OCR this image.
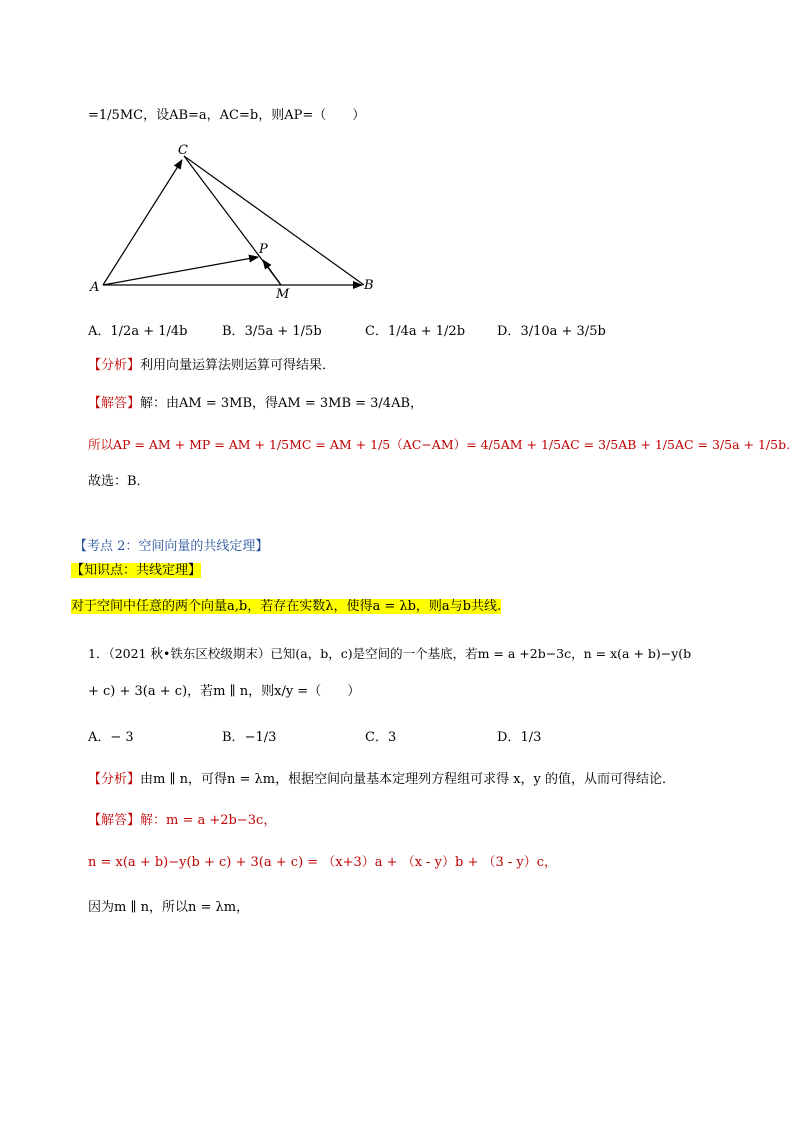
=1/5MC，设AB=a，AC=b，则AP=（　　）
C
P
A	M
B
A．1/2a + 1/4b	B．3/5a + 1/5b	C．1/4a + 1/2b D．3/10a + 3/5b
【分析】利用向量运算法则运算可得结果．
【解答】解：由AM = 3MB，得AM = 3MB = 3/4AB，
所以AP = AM + MP = AM + 1/5MC = AM + 1/5（AC−AM）= 4/5AM + 1/5AC = 3/5AB + 1/5AC = 3/5a + 1/5b.
故选：B．
【考点 2：空间向量的共线定理】
【知识点：共线定理】
对于空间中任意的两个向量a,b，若存在实数λ，使得a = λb，则a与b共线.
1．（2021 秋•铁东区校级期末）已知(a，b，c)是空间的一个基底，若m = a +2b−3c，n = x(a + b)−y(b
+ c) + 3(a + c)，若m ∥ n，则x/y =（　　）
A．− 3	B．−1/3	C．3	D．1/3
【分析】由m ∥ n，可得n = λm，根据空间向量基本定理列方程组可求得 x，y 的值，从而可得结论．
【解答】解：m = a +2b−3c，
n = x(a + b)−y(b + c) + 3(a + c) = （x+3）a + （x - y）b + （3 - y）c，
因为m ∥ n，所以n = λm，
